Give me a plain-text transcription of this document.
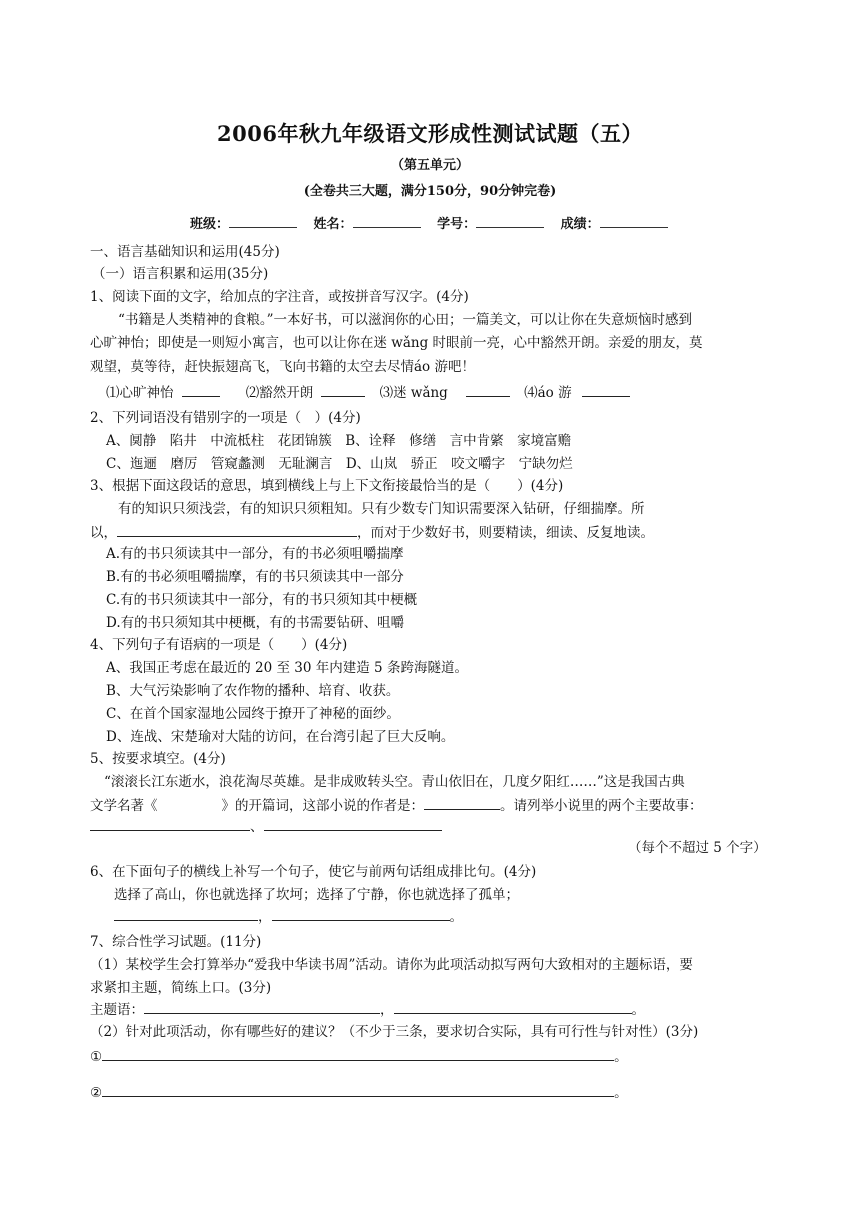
2006年秋九年级语文形成性测试试题（五）
（第五单元）
(全卷共三大题，满分150分，90分钟完卷)
班级：	姓名：	学号：	成绩：
一、语言基础知识和运用(45分)
（一）语言积累和运用(35分)
1、阅读下面的文字，给加点的字注音，或按拼音写汉字。(4分)
“书籍是人类精神的食粮。”一本好书，可以滋润你的心田；一篇美文，可以让你在失意烦恼时感到
心旷神怡；即使是一则短小寓言，也可以让你在迷 wǎng 时眼前一亮，心中豁然开朗。亲爱的朋友，莫
观望，莫等待，赶快振翅高飞，飞向书籍的太空去尽情áo 游吧！
⑴心旷神怡	⑵豁然开朗	⑶迷 wǎng	⑷áo 游
2、下列词语没有错别字的一项是（　）(4分)
A、阒静　陷井　中流柢柱　花团锦簇　B、诠释　修缮　言中肯綮　家境富赡
C、迤逦　磨厉　管窥蠡测　无耻澜言　D、山岚　骄正　咬文嚼字　宁缺勿烂
3、根据下面这段话的意思，填到横线上与上下文衔接最恰当的是（　　）(4分)
有的知识只须浅尝，有的知识只须粗知。只有少数专门知识需要深入钻研，仔细揣摩。所
以，	，而对于少数好书，则要精读，细读、反复地读。
A.有的书只须读其中一部分，有的书必须咀嚼揣摩
B.有的书必须咀嚼揣摩，有的书只须读其中一部分
C.有的书只须读其中一部分，有的书只须知其中梗概
D.有的书只须知其中梗概，有的书需要钻研、咀嚼
4、下列句子有语病的一项是（　　）(4分)
A、我国正考虑在最近的 20 至 30 年内建造 5 条跨海隧道。
B、大气污染影响了农作物的播种、培育、收获。
C、在首个国家湿地公园终于撩开了神秘的面纱。
D、连战、宋楚瑜对大陆的访问，在台湾引起了巨大反响。
5、按要求填空。(4分)
“滚滚长江东逝水，浪花淘尽英雄。是非成败转头空。青山依旧在，几度夕阳红……”这是我国古典
文学名著《	》的开篇词，这部小说的作者是：	。请列举小说里的两个主要故事：
、
（每个不超过 5 个字）
6、在下面句子的横线上补写一个句子，使它与前两句话组成排比句。(4分)
选择了高山，你也就选择了坎坷；选择了宁静，你也就选择了孤单；
，	。
7、综合性学习试题。(11分)
（1）某校学生会打算举办“爱我中华读书周”活动。请你为此项活动拟写两句大致相对的主题标语，要
求紧扣主题，简练上口。(3分)
主题语：	，	。
（2）针对此项活动，你有哪些好的建议？（不少于三条，要求切合实际，具有可行性与针对性）(3分)
①	。
②	。
